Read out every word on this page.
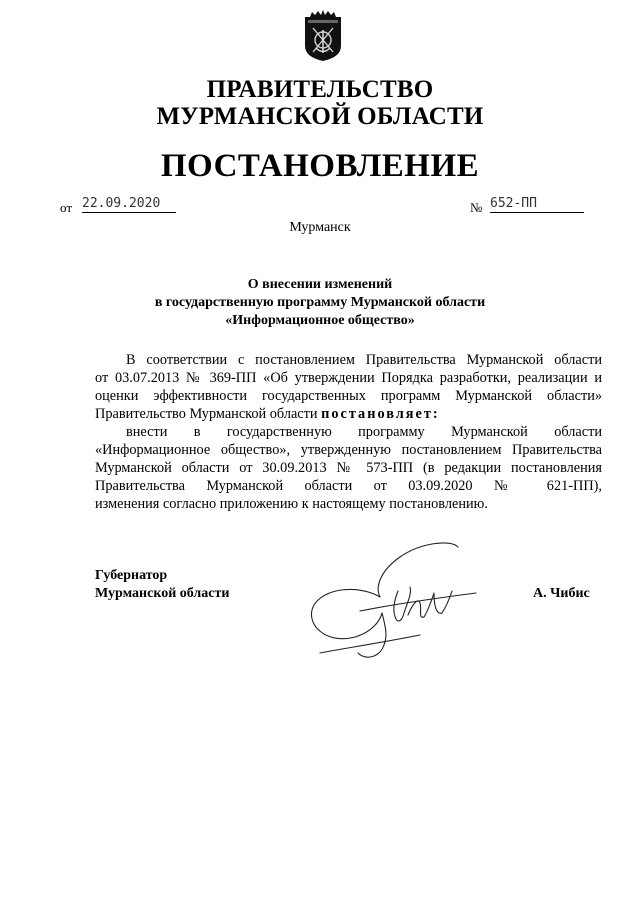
ПРАВИТЕЛЬСТВО
МУРМАНСКОЙ ОБЛАСТИ
ПОСТАНОВЛЕНИЕ
от 22.09.2020	№ 652-ПП
Мурманск
О внесении изменений
в государственную программу Мурманской области
«Информационное общество»
В соответствии с постановлением Правительства Мурманской области
от 03.07.2013 № 369-ПП «Об утверждении Порядка разработки, реализации и
оценки эффективности государственных программ Мурманской области»
Правительство Мурманской области постановляет:
внести в государственную программу Мурманской области
«Информационное общество», утвержденную постановлением Правительства
Мурманской области от 30.09.2013 № 573-ПП (в редакции постановления
Правительства Мурманской области от 03.09.2020 № 621-ПП),
изменения согласно приложению к настоящему постановлению.
Губернатор
Мурманской области	А. Чибис
